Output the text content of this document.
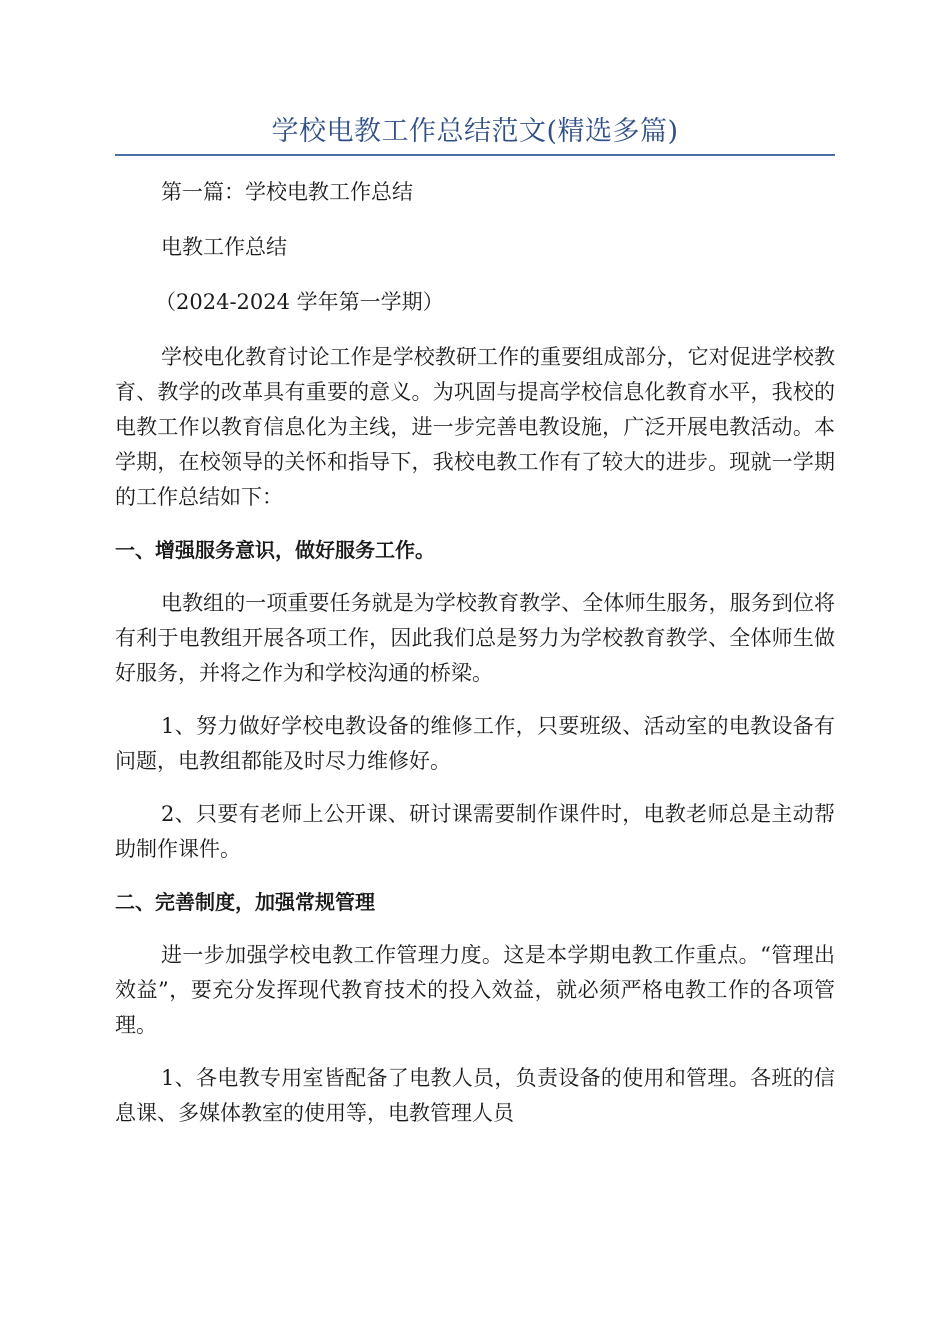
学校电教工作总结范文(精选多篇)

第一篇：学校电教工作总结

电教工作总结

（2024-2024 学年第一学期）

学校电化教育讨论工作是学校教研工作的重要组成部分，它对促进学校教育、教学的改革具有重要的意义。为巩固与提高学校信息化教育水平，我校的电教工作以教育信息化为主线，进一步完善电教设施，广泛开展电教活动。本学期，在校领导的关怀和指导下，我校电教工作有了较大的进步。现就一学期的工作总结如下：

一、增强服务意识，做好服务工作。

电教组的一项重要任务就是为学校教育教学、全体师生服务，服务到位将有利于电教组开展各项工作，因此我们总是努力为学校教育教学、全体师生做好服务，并将之作为和学校沟通的桥梁。

1、努力做好学校电教设备的维修工作，只要班级、活动室的电教设备有问题，电教组都能及时尽力维修好。

2、只要有老师上公开课、研讨课需要制作课件时，电教老师总是主动帮助制作课件。

二、完善制度，加强常规管理

进一步加强学校电教工作管理力度。这是本学期电教工作重点。“管理出效益”，要充分发挥现代教育技术的投入效益，就必须严格电教工作的各项管理。

1、各电教专用室皆配备了电教人员，负责设备的使用和管理。各班的信息课、多媒体教室的使用等，电教管理人员
